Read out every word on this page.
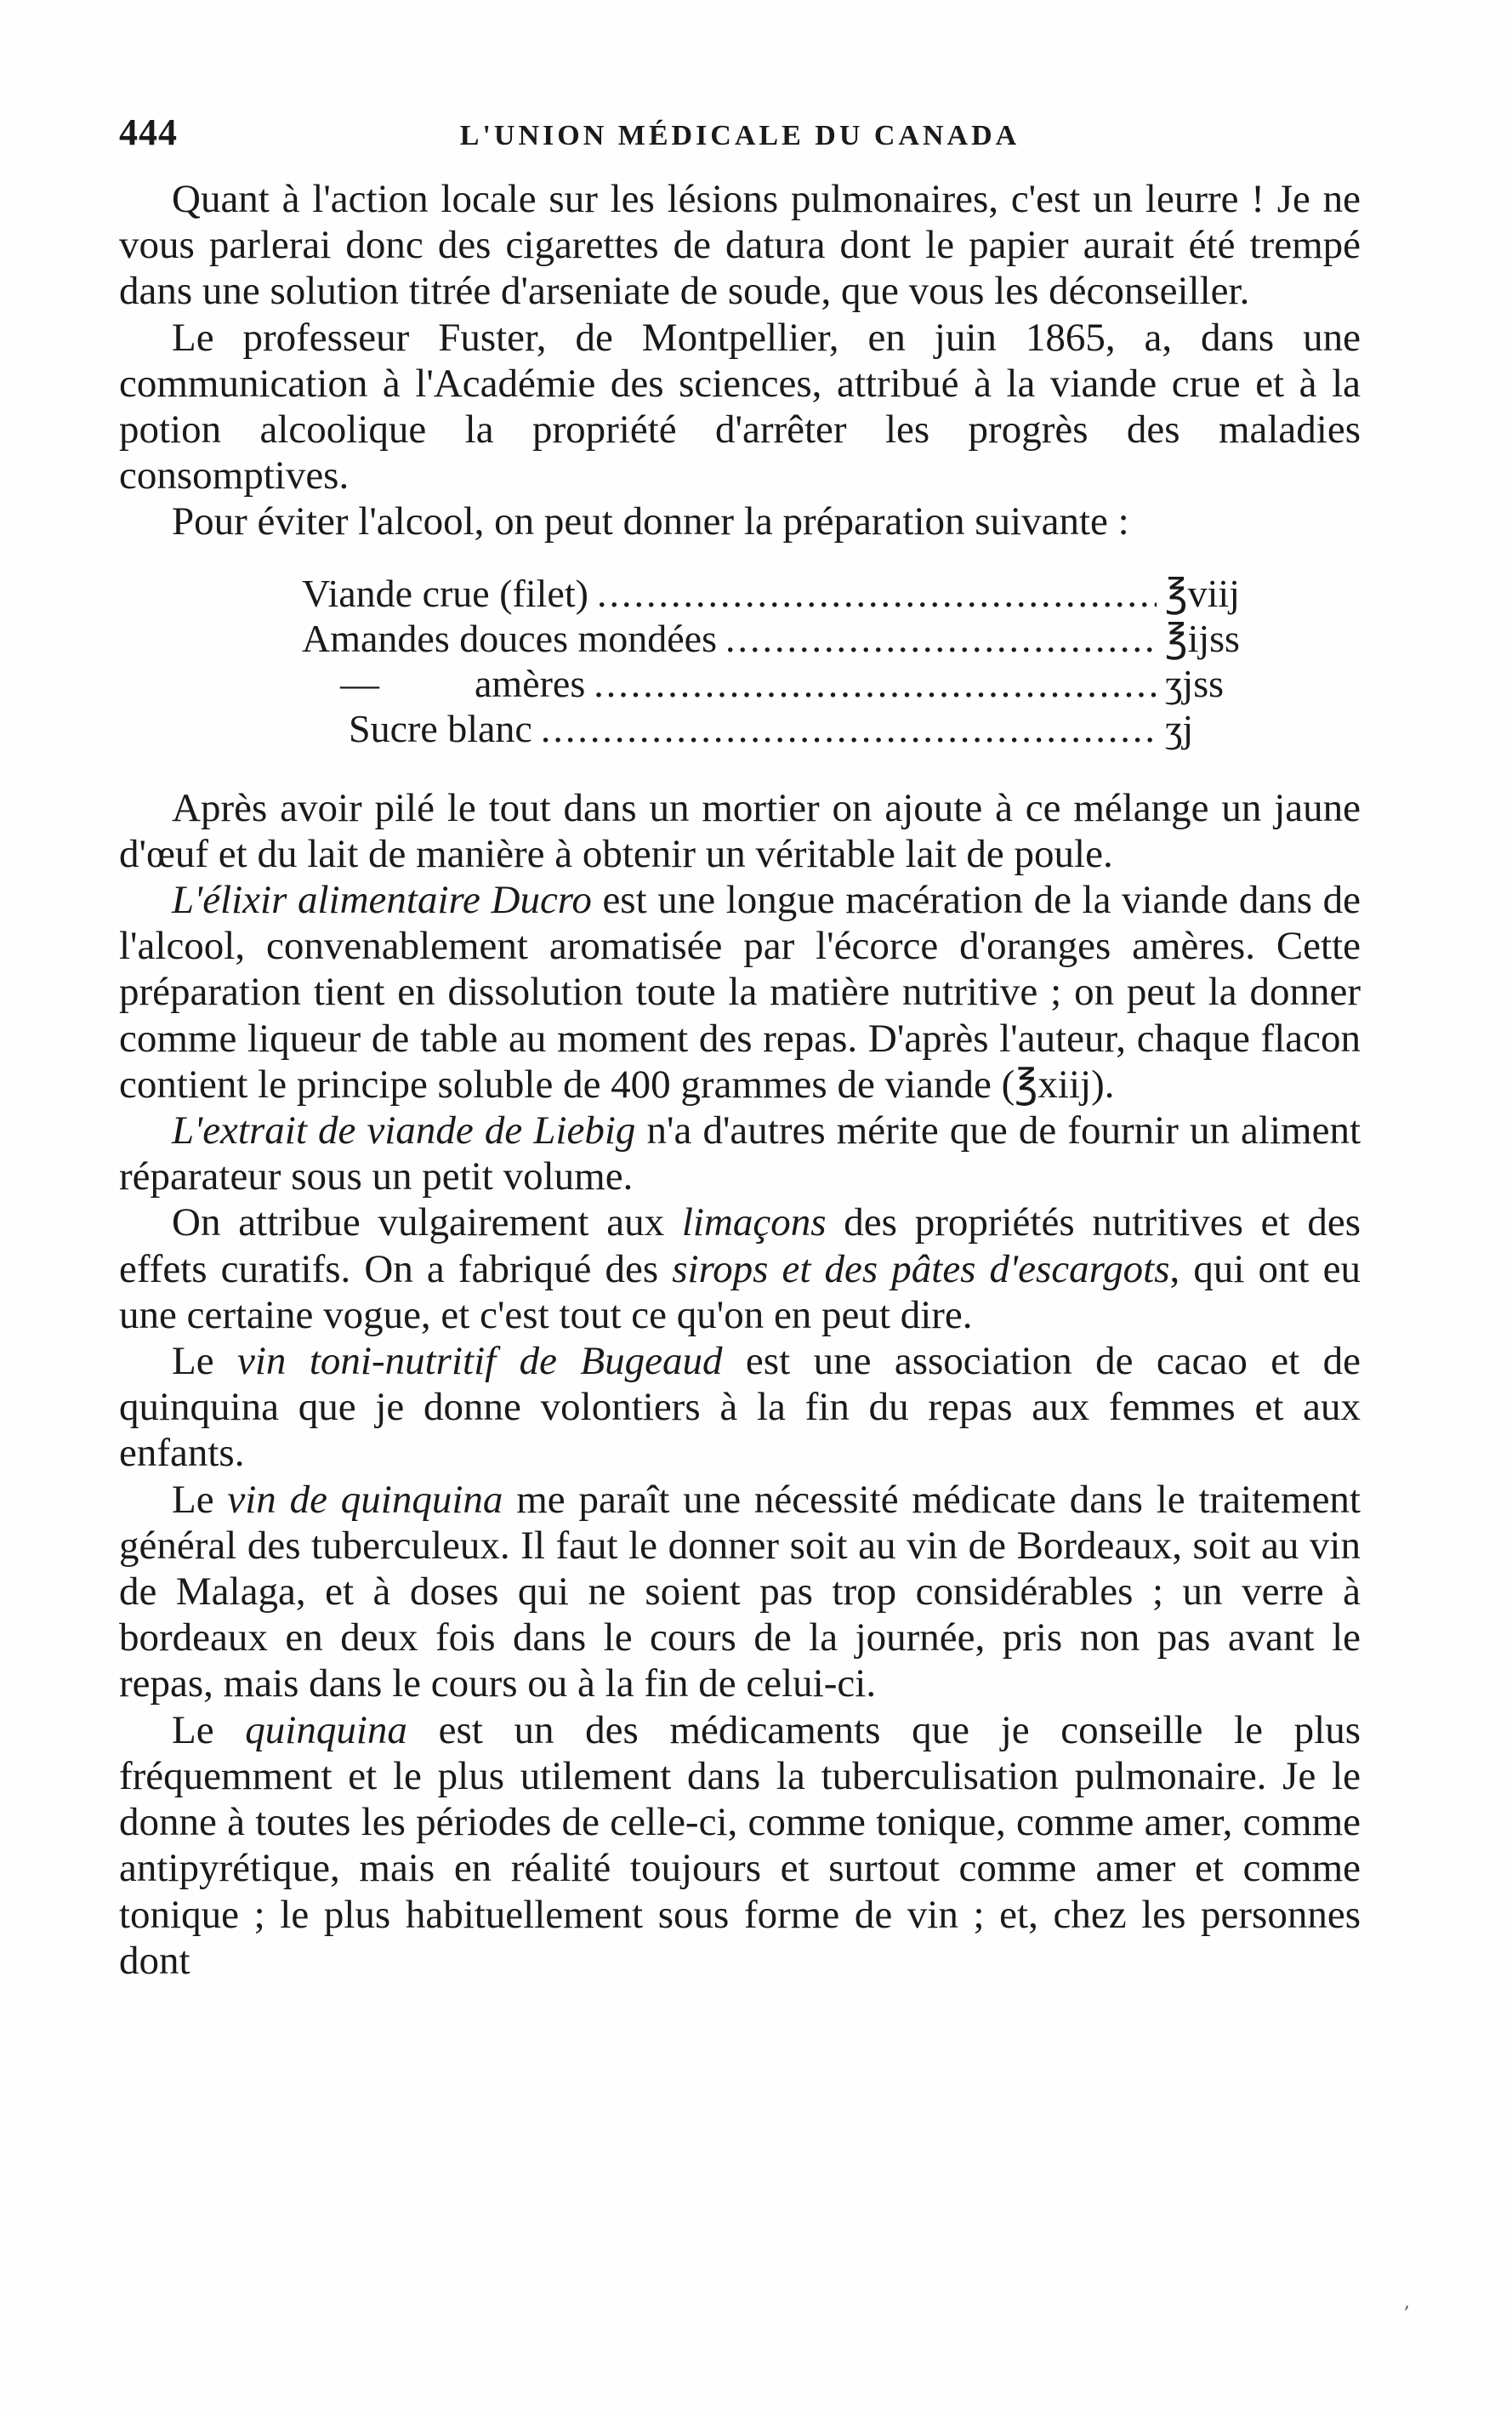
444	L'UNION MÉDICALE DU CANADA

Quant à l'action locale sur les lésions pulmonaires, c'est un leurre ! Je ne vous parlerai donc des cigarettes de datura dont le papier aurait été trempé dans une solution titrée d'arseniate de soude, que vous les déconseiller.

Le professeur Fuster, de Montpellier, en juin 1865, a, dans une communication à l'Académie des sciences, attribué à la viande crue et à la potion alcoolique la propriété d'arrêter les progrès des maladies consomptives.

Pour éviter l'alcool, on peut donner la préparation suivante :

Viande crue (filet) .....	℥viij
Amandes douces mondées .....	℥ijss
— amères .....	ʒjss
Sucre blanc .....	ʒj

Après avoir pilé le tout dans un mortier on ajoute à ce mélange un jaune d'œuf et du lait de manière à obtenir un véritable lait de poule.

L'élixir alimentaire Ducro est une longue macération de la viande dans de l'alcool, convenablement aromatisée par l'écorce d'oranges amères. Cette préparation tient en dissolution toute la matière nutritive ; on peut la donner comme liqueur de table au moment des repas. D'après l'auteur, chaque flacon contient le principe soluble de 400 grammes de viande (℥xiij).

L'extrait de viande de Liebig n'a d'autres mérite que de fournir un aliment réparateur sous un petit volume.

On attribue vulgairement aux limaçons des propriétés nutritives et des effets curatifs. On a fabriqué des sirops et des pâtes d'escargots, qui ont eu une certaine vogue, et c'est tout ce qu'on en peut dire.

Le vin toni-nutritif de Bugeaud est une association de cacao et de quinquina que je donne volontiers à la fin du repas aux femmes et aux enfants.

Le vin de quinquina me paraît une nécessité médicate dans le traitement général des tuberculeux. Il faut le donner soit au vin de Bordeaux, soit au vin de Malaga, et à doses qui ne soient pas trop considérables ; un verre à bordeaux en deux fois dans le cours de la journée, pris non pas avant le repas, mais dans le cours ou à la fin de celui-ci.

Le quinquina est un des médicaments que je conseille le plus fréquemment et le plus utilement dans la tuberculisation pulmonaire. Je le donne à toutes les périodes de celle-ci, comme tonique, comme amer, comme antipyrétique, mais en réalité toujours et surtout comme amer et comme tonique ; le plus habituellement sous forme de vin ; et, chez les personnes dont

,
